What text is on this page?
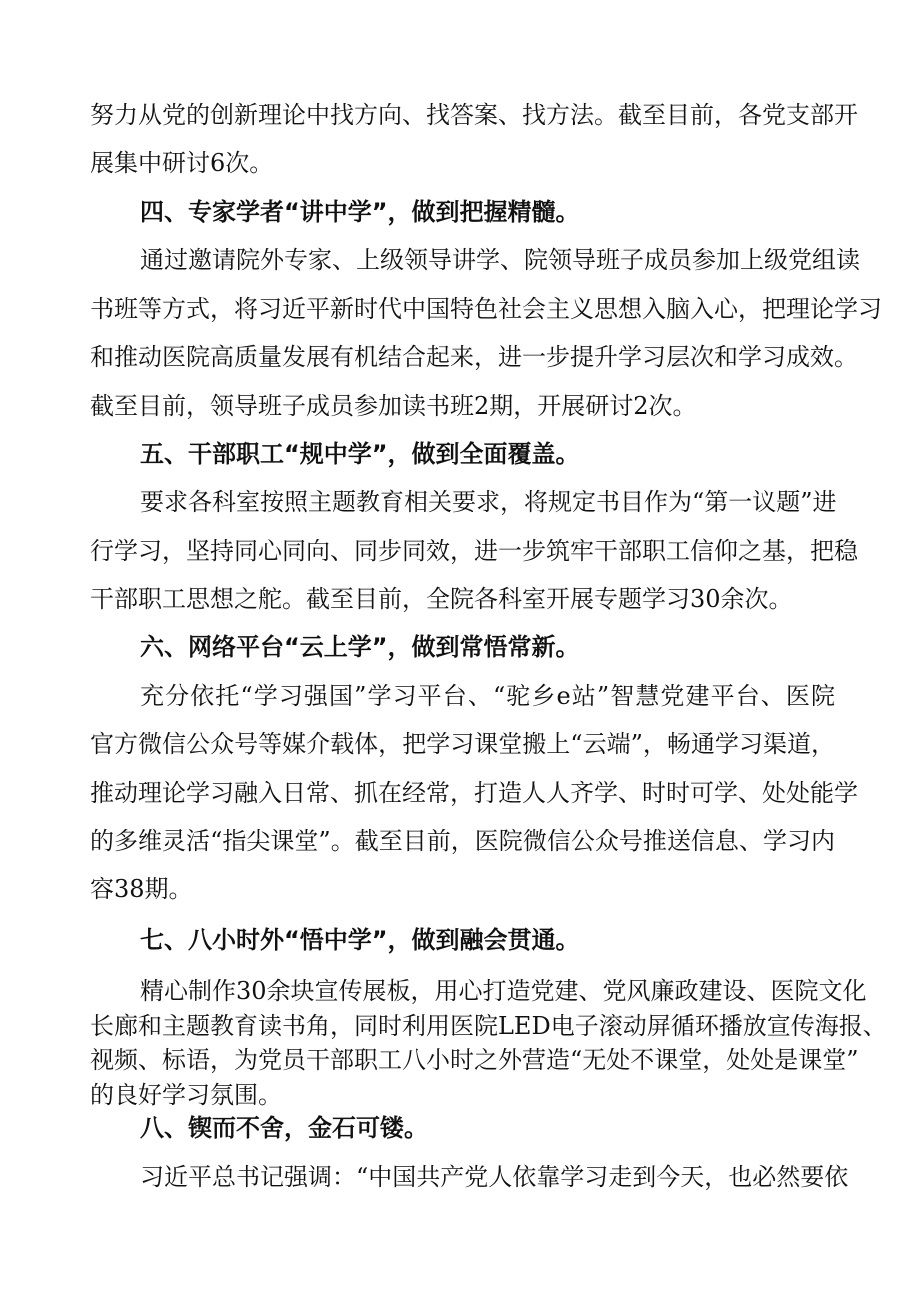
努力从党的创新理论中找方向、找答案、找方法。截至目前，各党支部开
展集中研讨6次。
四、专家学者“讲中学”，做到把握精髓。
通过邀请院外专家、上级领导讲学、院领导班子成员参加上级党组读
书班等方式，将习近平新时代中国特色社会主义思想入脑入心，把理论学习
和推动医院高质量发展有机结合起来，进一步提升学习层次和学习成效。
截至目前，领导班子成员参加读书班2期，开展研讨2次。
五、干部职工“规中学”，做到全面覆盖。
要求各科室按照主题教育相关要求，将规定书目作为“第一议题”进
行学习，坚持同心同向、同步同效，进一步筑牢干部职工信仰之基，把稳
干部职工思想之舵。截至目前，全院各科室开展专题学习30余次。
六、网络平台“云上学”，做到常悟常新。
充分依托“学习强国”学习平台、“驼乡e站”智慧党建平台、医院
官方微信公众号等媒介载体，把学习课堂搬上“云端”，畅通学习渠道，
推动理论学习融入日常、抓在经常，打造人人齐学、时时可学、处处能学
的多维灵活“指尖课堂”。截至目前，医院微信公众号推送信息、学习内
容38期。
七、八小时外“悟中学”，做到融会贯通。
精心制作30余块宣传展板，用心打造党建、党风廉政建设、医院文化
长廊和主题教育读书角，同时利用医院LED电子滚动屏循环播放宣传海报、
视频、标语，为党员干部职工八小时之外营造“无处不课堂，处处是课堂”
的良好学习氛围。
八、锲而不舍，金石可镂。
习近平总书记强调：“中国共产党人依靠学习走到今天，也必然要依
